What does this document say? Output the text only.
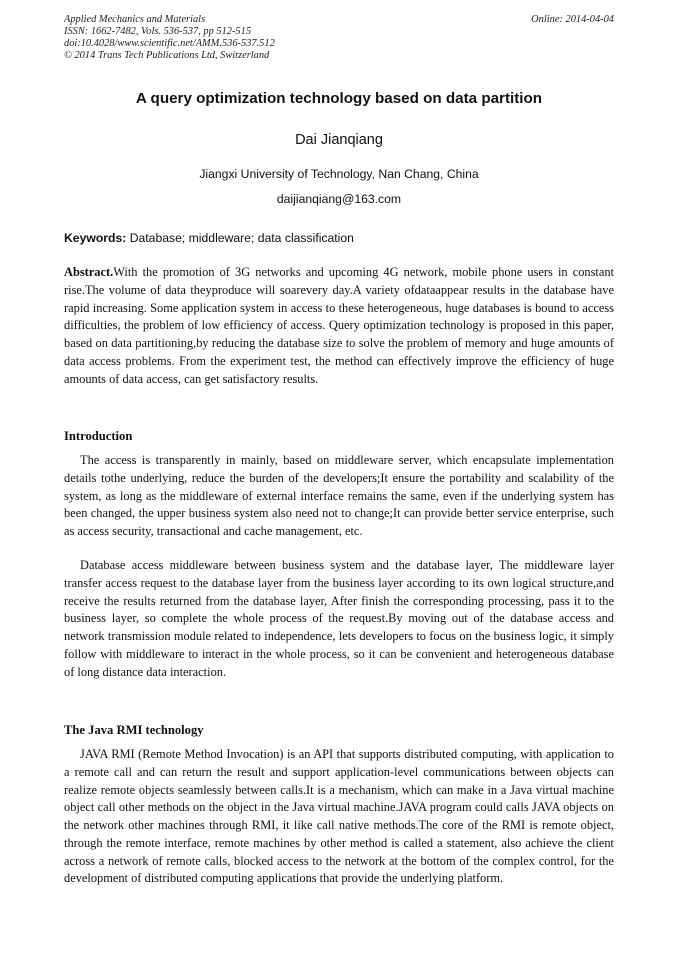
Applied Mechanics and Materials
ISSN: 1662-7482, Vols. 536-537, pp 512-515
doi:10.4028/www.scientific.net/AMM.536-537.512
© 2014 Trans Tech Publications Ltd, Switzerland
Online: 2014-04-04
A query optimization technology based on data partition
Dai Jianqiang
Jiangxi University of Technology, Nan Chang, China
daijianqiang@163.com
Keywords: Database; middleware; data classification

Abstract.With the promotion of 3G networks and upcoming 4G network, mobile phone users in constant rise.The volume of data theyproduce will soarevery day.A variety ofdataappear results in the database have rapid increasing. Some application system in access to these heterogeneous, huge databases is bound to access difficulties, the problem of low efficiency of access. Query optimization technology is proposed in this paper, based on data partitioning,by reducing the database size to solve the problem of memory and huge amounts of data access problems. From the experiment test, the method can effectively improve the efficiency of huge amounts of data access, can get satisfactory results.

Introduction

The access is transparently in mainly, based on middleware server, which encapsulate implementation details tothe underlying, reduce the burden of the developers;It ensure the portability and scalability of the system, as long as the middleware of external interface remains the same, even if the underlying system has been changed, the upper business system also need not to change;It can provide better service enterprise, such as access security, transactional and cache management, etc.

Database access middleware between business system and the database layer, The middleware layer transfer access request to the database layer from the business layer according to its own logical structure,and receive the results returned from the database layer, After finish the corresponding processing, pass it to the business layer, so complete the whole process of the request.By moving out of the database access and network transmission module related to independence, lets developers to focus on the business logic, it simply follow with middleware to interact in the whole process, so it can be convenient and heterogeneous database of long distance data interaction.

The Java RMI technology

JAVA RMI (Remote Method Invocation) is an API that supports distributed computing, with application to a remote call and can return the result and support application-level communications between objects can realize remote objects seamlessly between calls.It is a mechanism, which can make in a Java virtual machine object call other methods on the object in the Java virtual machine.JAVA program could calls JAVA objects on the network other machines through RMI, it like call native methods.The core of the RMI is remote object, through the remote interface, remote machines by other method is called a statement, also achieve the client across a network of remote calls, blocked access to the network at the bottom of the complex control, for the development of distributed computing applications that provide the underlying platform.
